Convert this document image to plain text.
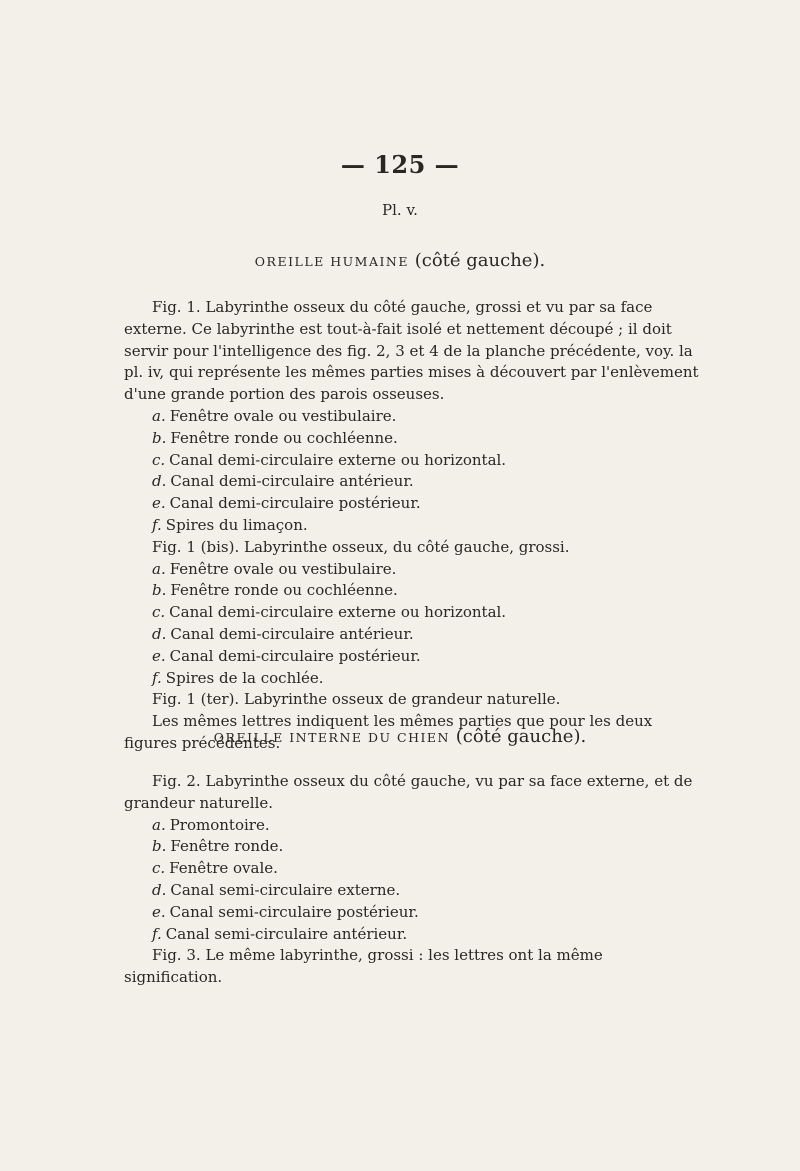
— 125 —
Pl. v.
OREILLE HUMAINE (côté gauche).

Fig. 1. Labyrinthe osseux du côté gauche, grossi et vu par sa face externe. Ce labyrinthe est tout-à-fait isolé et nettement découpé ; il doit servir pour l'intelligence des fig. 2, 3 et 4 de la planche précédente, voy. la pl. iv, qui représente les mêmes parties mises à découvert par l'enlèvement d'une grande portion des parois osseuses.

a. Fenêtre ovale ou vestibulaire.

b. Fenêtre ronde ou cochléenne.

c. Canal demi-circulaire externe ou horizontal.

d. Canal demi-circulaire antérieur.

e. Canal demi-circulaire postérieur.

f. Spires du limaçon.

Fig. 1 (bis). Labyrinthe osseux, du côté gauche, grossi.

a. Fenêtre ovale ou vestibulaire.

b. Fenêtre ronde ou cochléenne.

c. Canal demi-circulaire externe ou horizontal.

d. Canal demi-circulaire antérieur.

e. Canal demi-circulaire postérieur.

f. Spires de la cochlée.

Fig. 1 (ter). Labyrinthe osseux de grandeur naturelle.

Les mêmes lettres indiquent les mêmes parties que pour les deux figures précédentes.

OREILLE INTERNE DU CHIEN (côté gauche).

Fig. 2. Labyrinthe osseux du côté gauche, vu par sa face externe, et de grandeur naturelle.

a. Promontoire.

b. Fenêtre ronde.

c. Fenêtre ovale.

d. Canal semi-circulaire externe.

e. Canal semi-circulaire postérieur.

f. Canal semi-circulaire antérieur.

Fig. 3. Le même labyrinthe, grossi : les lettres ont la même signification.
